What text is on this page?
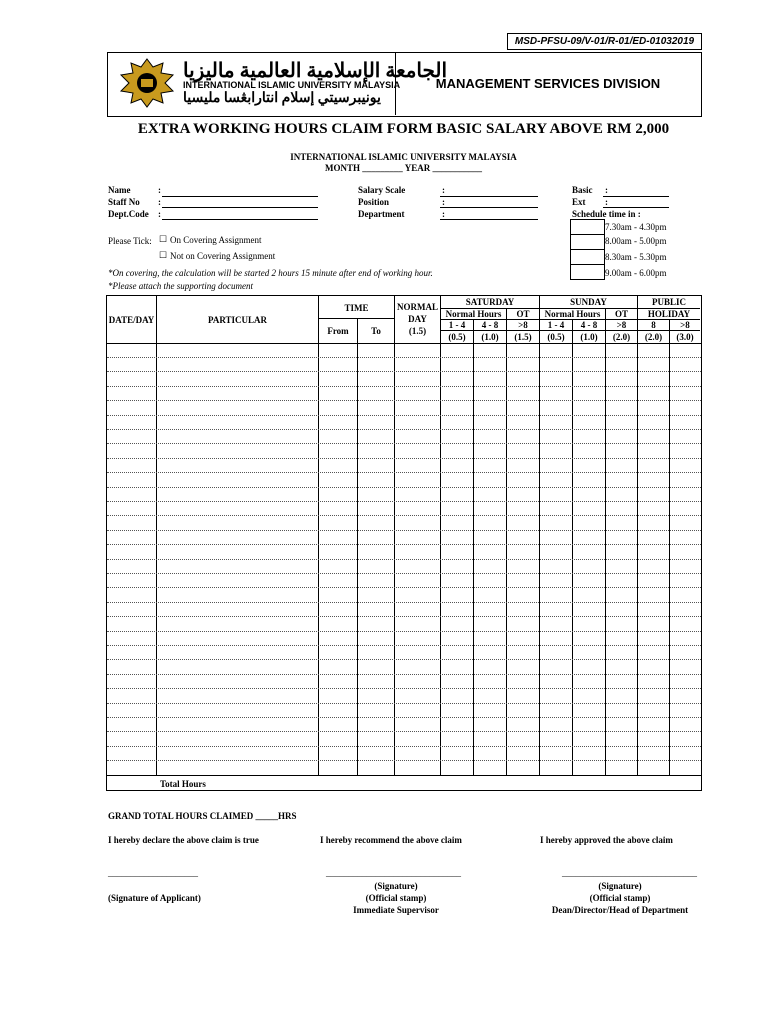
MSD-PFSU-09/V-01/R-01/ED-01032019
MANAGEMENT SERVICES DIVISION
الجامعة الإسلامية العالمية ماليزيا
INTERNATIONAL ISLAMIC UNIVERSITY MALAYSIA
يونيبرسيتي إسلام انتارابڠسا مليسيا
EXTRA WORKING HOURS CLAIM FORM BASIC SALARY ABOVE RM 2,000
INTERNATIONAL ISLAMIC UNIVERSITY MALAYSIA
MONTH _________ YEAR ___________
Name	:
Staff No :
Dept.Code :
Salary Scale	:
Position	:
Department	:
Basic :
Ext :
Schedule time in :
7.30am - 4.30pm
8.00am - 5.00pm
8.30am - 5.30pm
9.00am - 6.00pm
Please Tick: ☐ On Covering Assignment
☐ Not on Covering Assignment
*On covering, the calculation will be started 2 hours 15 minute after end of working hour.
*Please attach the supporting document
DATE/DAY	PARTICULAR
TIME
From	To
NORMAL
DAY
(1.5)
SATURDAY
Normal Hours	OT
1 - 4	4 - 8	>8
(0.5)	(1.0)	(1.5)
SUNDAY
Normal Hours	OT
1 - 4	4 - 8	>8
(0.5)	(1.0)	(2.0)
PUBLIC
HOLIDAY
8	>8
(2.0)	(3.0)
Total Hours
GRAND TOTAL HOURS CLAIMED _____HRS
I hereby declare the above claim is true	I hereby recommend the above claim	I hereby approved the above claim
____________________	______________________________	______________________________
(Signature of Applicant)
(Signature)
(Official stamp)
Immediate Supervisor
(Signature)
(Official stamp)
Dean/Director/Head of Department
